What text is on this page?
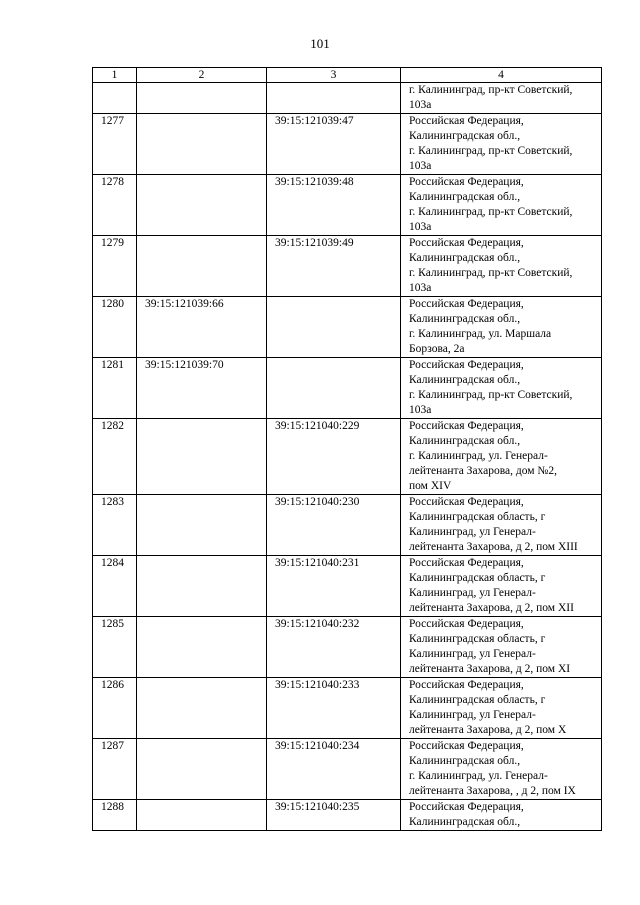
101
1	2	3	4
			г. Калининград, пр-кт Советский,
103а
1277		39:15:121039:47	Российская Федерация,
Калининградская обл.,
г. Калининград, пр-кт Советский,
103а
1278		39:15:121039:48	Российская Федерация,
Калининградская обл.,
г. Калининград, пр-кт Советский,
103а
1279		39:15:121039:49	Российская Федерация,
Калининградская обл.,
г. Калининград, пр-кт Советский,
103а
1280	39:15:121039:66		Российская Федерация,
Калининградская обл.,
г. Калининград, ул. Маршала
Борзова, 2а
1281	39:15:121039:70		Российская Федерация,
Калининградская обл.,
г. Калининград, пр-кт Советский,
103а
1282		39:15:121040:229	Российская Федерация,
Калининградская обл.,
г. Калининград, ул. Генерал-
лейтенанта Захарова, дом №2,
пом XIV
1283		39:15:121040:230	Российская Федерация,
Калининградская область, г
Калининград, ул Генерал-
лейтенанта Захарова, д 2, пом XIII
1284		39:15:121040:231	Российская Федерация,
Калининградская область, г
Калининград, ул Генерал-
лейтенанта Захарова, д 2, пом XII
1285		39:15:121040:232	Российская Федерация,
Калининградская область, г
Калининград, ул Генерал-
лейтенанта Захарова, д 2, пом XI
1286		39:15:121040:233	Российская Федерация,
Калининградская область, г
Калининград, ул Генерал-
лейтенанта Захарова, д 2, пом X
1287		39:15:121040:234	Российская Федерация,
Калининградская обл.,
г. Калининград, ул. Генерал-
лейтенанта Захарова, , д 2, пом IX
1288		39:15:121040:235	Российская Федерация,
Калининградская обл.,
